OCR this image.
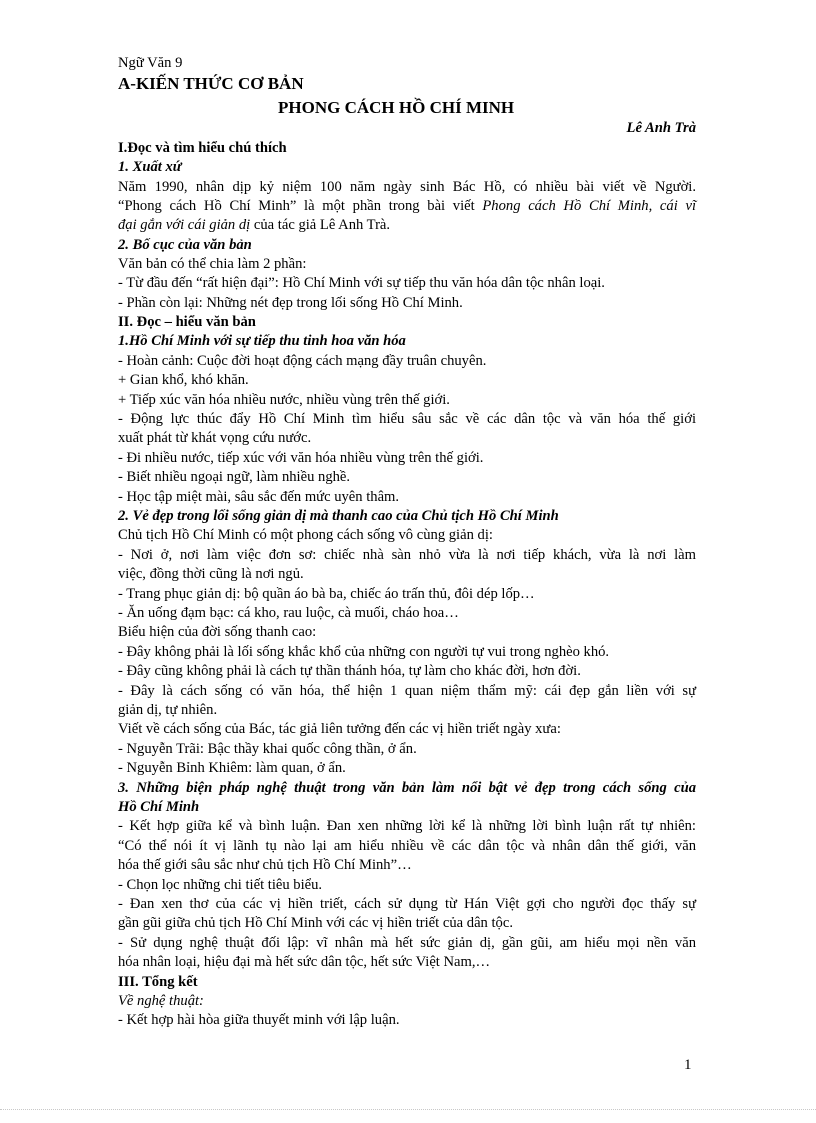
Ngữ Văn 9
A-KIẾN THỨC CƠ BẢN
PHONG CÁCH HỒ CHÍ MINH
Lê Anh Trà
I.Đọc và tìm hiểu chú thích
1. Xuất xứ
Năm 1990, nhân dịp kỷ niệm 100 năm ngày sinh Bác Hồ, có nhiều bài viết về Người.
“Phong cách Hồ Chí Minh” là một phần trong bài viết Phong cách Hồ Chí Minh, cái vĩ
đại gắn với cái giản dị của tác giả Lê Anh Trà.
2. Bố cục của văn bản
Văn bản có thể chia làm 2 phần:
- Từ đầu đến “rất hiện đại”: Hồ Chí Minh với sự tiếp thu văn hóa dân tộc nhân loại.
- Phần còn lại: Những nét đẹp trong lối sống Hồ Chí Minh.
II. Đọc – hiểu văn bản
1.Hồ Chí Minh với sự tiếp thu tinh hoa văn hóa
- Hoàn cảnh: Cuộc đời hoạt động cách mạng đầy truân chuyên.
+ Gian khổ, khó khăn.
+ Tiếp xúc văn hóa nhiều nước, nhiều vùng trên thế giới.
- Động lực thúc đẩy Hồ Chí Minh tìm hiểu sâu sắc về các dân tộc và văn hóa thế giới
xuất phát từ khát vọng cứu nước.
- Đi nhiều nước, tiếp xúc với văn hóa nhiều vùng trên thế giới.
- Biết nhiều ngoại ngữ, làm nhiều nghề.
- Học tập miệt mài, sâu sắc đến mức uyên thâm.
2. Vẻ đẹp trong lối sống giản dị mà thanh cao của Chủ tịch Hồ Chí Minh
Chủ tịch Hồ Chí Minh có một phong cách sống vô cùng giản dị:
- Nơi ở, nơi làm việc đơn sơ: chiếc nhà sàn nhỏ vừa là nơi tiếp khách, vừa là nơi làm
việc, đồng thời cũng là nơi ngủ.
- Trang phục giản dị: bộ quần áo bà ba, chiếc áo trấn thủ, đôi dép lốp…
- Ăn uống đạm bạc: cá kho, rau luộc, cà muối, cháo hoa…
Biểu hiện của đời sống thanh cao:
- Đây không phải là lối sống khắc khổ của những con người tự vui trong nghèo khó.
- Đây cũng không phải là cách tự thần thánh hóa, tự làm cho khác đời, hơn đời.
- Đây là cách sống có văn hóa, thể hiện 1 quan niệm thẩm mỹ: cái đẹp gắn liền với sự
giản dị, tự nhiên.
Viết về cách sống của Bác, tác giả liên tưởng đến các vị hiền triết ngày xưa:
- Nguyễn Trãi: Bậc thầy khai quốc công thần, ở ẩn.
- Nguyễn Bỉnh Khiêm: làm quan, ở ẩn.
3. Những biện pháp nghệ thuật trong văn bản làm nổi bật vẻ đẹp trong cách sống của
Hồ Chí Minh
- Kết hợp giữa kể và bình luận. Đan xen những lời kể là những lời bình luận rất tự nhiên:
“Có thể nói ít vị lãnh tụ nào lại am hiểu nhiều về các dân tộc và nhân dân thế giới, văn
hóa thế giới sâu sắc như chủ tịch Hồ Chí Minh”…
- Chọn lọc những chi tiết tiêu biểu.
- Đan xen thơ của các vị hiền triết, cách sử dụng từ Hán Việt gợi cho người đọc thấy sự
gần gũi giữa chủ tịch Hồ Chí Minh với các vị hiền triết của dân tộc.
- Sử dụng nghệ thuật đối lập: vĩ nhân mà hết sức giản dị, gần gũi, am hiểu mọi nền văn
hóa nhân loại, hiệu đại mà hết sức dân tộc, hết sức Việt Nam,…
III. Tổng kết
Về nghệ thuật:
- Kết hợp hài hòa giữa thuyết minh với lập luận.
1
